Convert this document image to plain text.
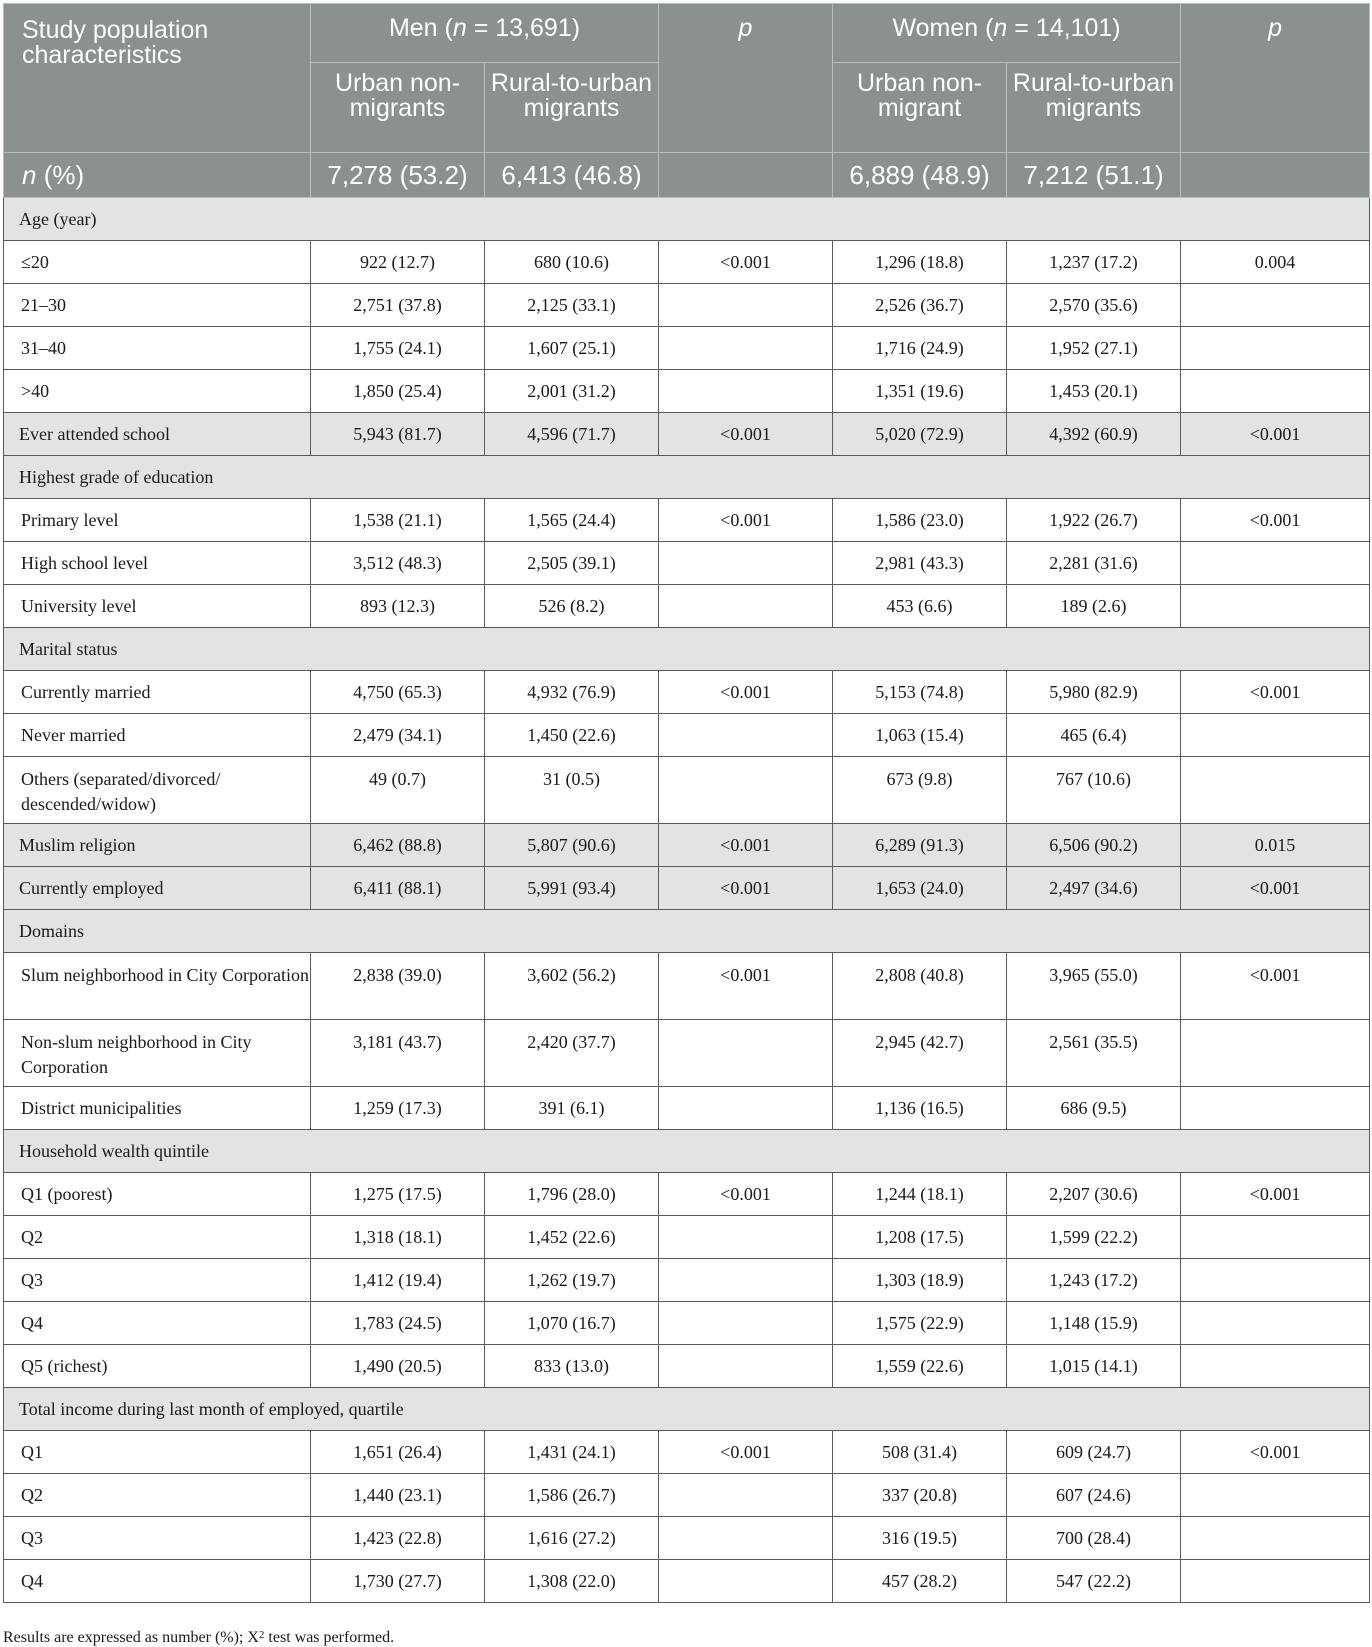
Study population characteristics	Men (n = 13,691)		p	Women (n = 14,101)		p
	Urban non-migrants	Rural-to-urban migrants		Urban non-migrant	Rural-to-urban migrants	
n (%)	7,278 (53.2)	6,413 (46.8)		6,889 (48.9)	7,212 (51.1)	
Age (year)						
≤20	922 (12.7)	680 (10.6)	<0.001	1,296 (18.8)	1,237 (17.2)	0.004
21–30	2,751 (37.8)	2,125 (33.1)		2,526 (36.7)	2,570 (35.6)	
31–40	1,755 (24.1)	1,607 (25.1)		1,716 (24.9)	1,952 (27.1)	
>40	1,850 (25.4)	2,001 (31.2)		1,351 (19.6)	1,453 (20.1)	
Ever attended school	5,943 (81.7)	4,596 (71.7)	<0.001	5,020 (72.9)	4,392 (60.9)	<0.001
Highest grade of education						
Primary level	1,538 (21.1)	1,565 (24.4)	<0.001	1,586 (23.0)	1,922 (26.7)	<0.001
High school level	3,512 (48.3)	2,505 (39.1)		2,981 (43.3)	2,281 (31.6)	
University level	893 (12.3)	526 (8.2)		453 (6.6)	189 (2.6)	
Marital status						
Currently married	4,750 (65.3)	4,932 (76.9)	<0.001	5,153 (74.8)	5,980 (82.9)	<0.001
Never married	2,479 (34.1)	1,450 (22.6)		1,063 (15.4)	465 (6.4)	
Others (separated/divorced/ descended/widow)	49 (0.7)	31 (0.5)		673 (9.8)	767 (10.6)	
Muslim religion	6,462 (88.8)	5,807 (90.6)	<0.001	6,289 (91.3)	6,506 (90.2)	0.015
Currently employed	6,411 (88.1)	5,991 (93.4)	<0.001	1,653 (24.0)	2,497 (34.6)	<0.001
Domains						
Slum neighborhood in City Corporation	2,838 (39.0)	3,602 (56.2)	<0.001	2,808 (40.8)	3,965 (55.0)	<0.001
Non-slum neighborhood in City Corporation	3,181 (43.7)	2,420 (37.7)		2,945 (42.7)	2,561 (35.5)	
District municipalities	1,259 (17.3)	391 (6.1)		1,136 (16.5)	686 (9.5)	
Household wealth quintile						
Q1 (poorest)	1,275 (17.5)	1,796 (28.0)	<0.001	1,244 (18.1)	2,207 (30.6)	<0.001
Q2	1,318 (18.1)	1,452 (22.6)		1,208 (17.5)	1,599 (22.2)	
Q3	1,412 (19.4)	1,262 (19.7)		1,303 (18.9)	1,243 (17.2)	
Q4	1,783 (24.5)	1,070 (16.7)		1,575 (22.9)	1,148 (15.9)	
Q5 (richest)	1,490 (20.5)	833 (13.0)		1,559 (22.6)	1,015 (14.1)	
Total income during last month of employed, quartile						
Q1	1,651 (26.4)	1,431 (24.1)	<0.001	508 (31.4)	609 (24.7)	<0.001
Q2	1,440 (23.1)	1,586 (26.7)		337 (20.8)	607 (24.6)	
Q3	1,423 (22.8)	1,616 (27.2)		316 (19.5)	700 (28.4)	
Q4	1,730 (27.7)	1,308 (22.0)		457 (28.2)	547 (22.2)	
Results are expressed as number (%); $X^2$ test was performed.
